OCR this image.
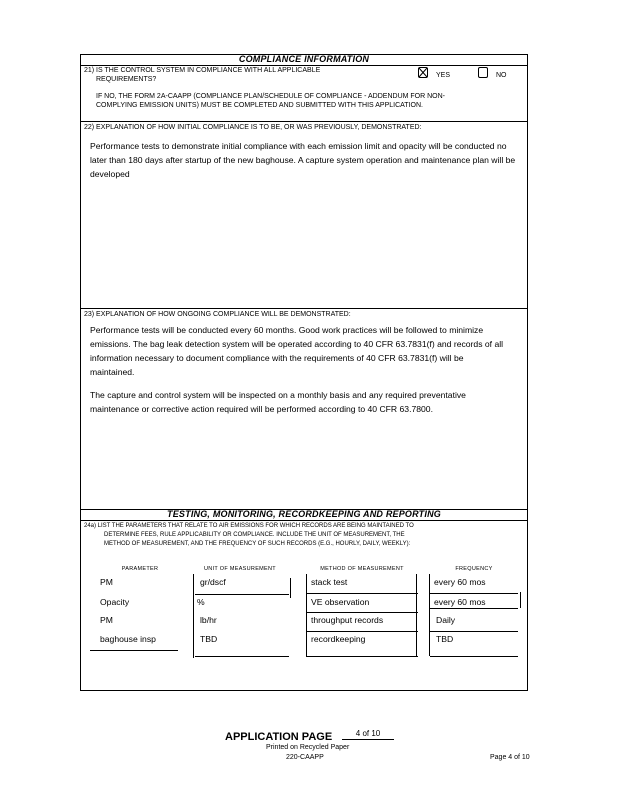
COMPLIANCE INFORMATION
21) IS THE CONTROL SYSTEM IN COMPLIANCE WITH ALL APPLICABLE
REQUIREMENTS?
YES	NO
IF NO, THE FORM 2A-CAAPP (COMPLIANCE PLAN/SCHEDULE OF COMPLIANCE - ADDENDUM FOR NON-
COMPLYING EMISSION UNITS) MUST BE COMPLETED AND SUBMITTED WITH THIS APPLICATION.
22) EXPLANATION OF HOW INITIAL COMPLIANCE IS TO BE, OR WAS PREVIOUSLY, DEMONSTRATED:
Performance tests to demonstrate initial compliance with each emission limit and opacity will be conducted no later than 180 days after startup of the new baghouse. A capture system operation and maintenance plan will be developed
23) EXPLANATION OF HOW ONGOING COMPLIANCE WILL BE DEMONSTRATED:
Performance tests will be conducted every 60 months. Good work practices will be followed to minimize emissions. The bag leak detection system will be operated according to 40 CFR 63.7831(f) and records of all information necessary to document compliance with the requirements of 40 CFR 63.7831(f) will be maintained.
The capture and control system will be inspected on a monthly basis and any required preventative maintenance or corrective action required will be performed according to 40 CFR 63.7800.
TESTING, MONITORING, RECORDKEEPING AND REPORTING
24a) LIST THE PARAMETERS THAT RELATE TO AIR EMISSIONS FOR WHICH RECORDS ARE BEING MAINTAINED TO
DETERMINE FEES, RULE APPLICABILITY OR COMPLIANCE. INCLUDE THE UNIT OF MEASUREMENT, THE
METHOD OF MEASUREMENT, AND THE FREQUENCY OF SUCH RECORDS (E.G., HOURLY, DAILY, WEEKLY):
PARAMETER	UNIT OF MEASUREMENT	METHOD OF MEASUREMENT	FREQUENCY
PM	gr/dscf	stack test	every 60 mos
Opacity	%	VE observation	every 60 mos
PM	lb/hr	throughput records	Daily
baghouse insp	TBD	recordkeeping	TBD
APPLICATION PAGE	4 of 10
Printed on Recycled Paper
220-CAAPP	Page 4 of 10
